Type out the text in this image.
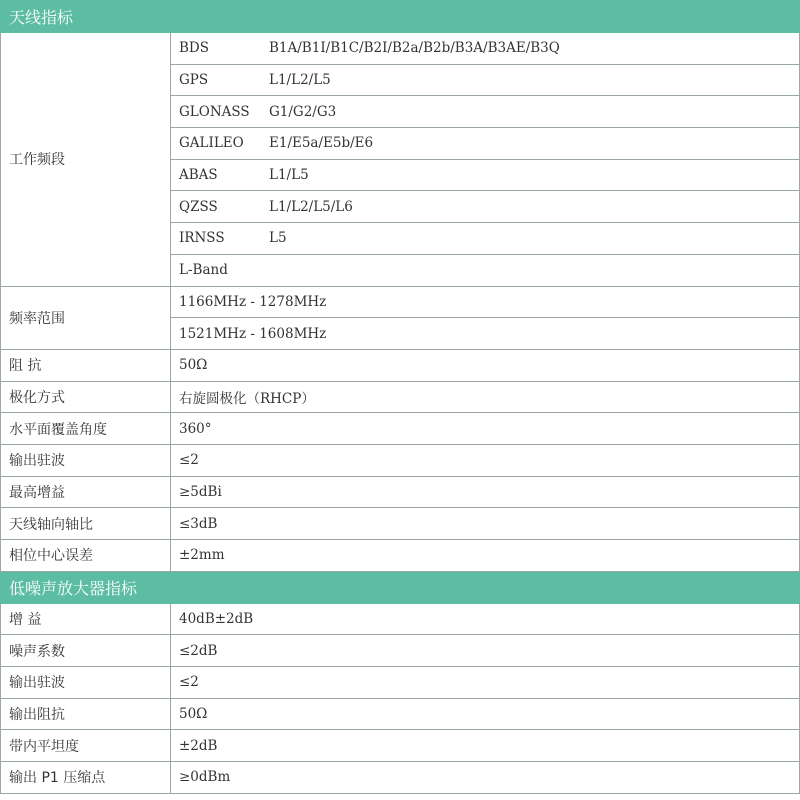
天线指标	
工作频段	BDS B1A/B1I/B1C/B2I/B2a/B2b/B3A/B3AE/B3Q
	GPS L1/L2/L5
	GLONASS G1/G2/G3
	GALILEO E1/E5a/E5b/E6
	ABAS L1/L5
	QZSS L1/L2/L5/L6
	IRNSS L5
	L-Band
频率范围	1166MHz - 1278MHz
	1521MHz - 1608MHz
阻 抗	50Ω
极化方式	右旋圆极化（RHCP）
水平面覆盖角度	360°
输出驻波	≤2
最高增益	≥5dBi
天线轴向轴比	≤3dB
相位中心误差	±2mm
低噪声放大器指标	
增 益	40dB±2dB
噪声系数	≤2dB
输出驻波	≤2
输出阻抗	50Ω
带内平坦度	±2dB
输出 P1 压缩点	≥0dBm
